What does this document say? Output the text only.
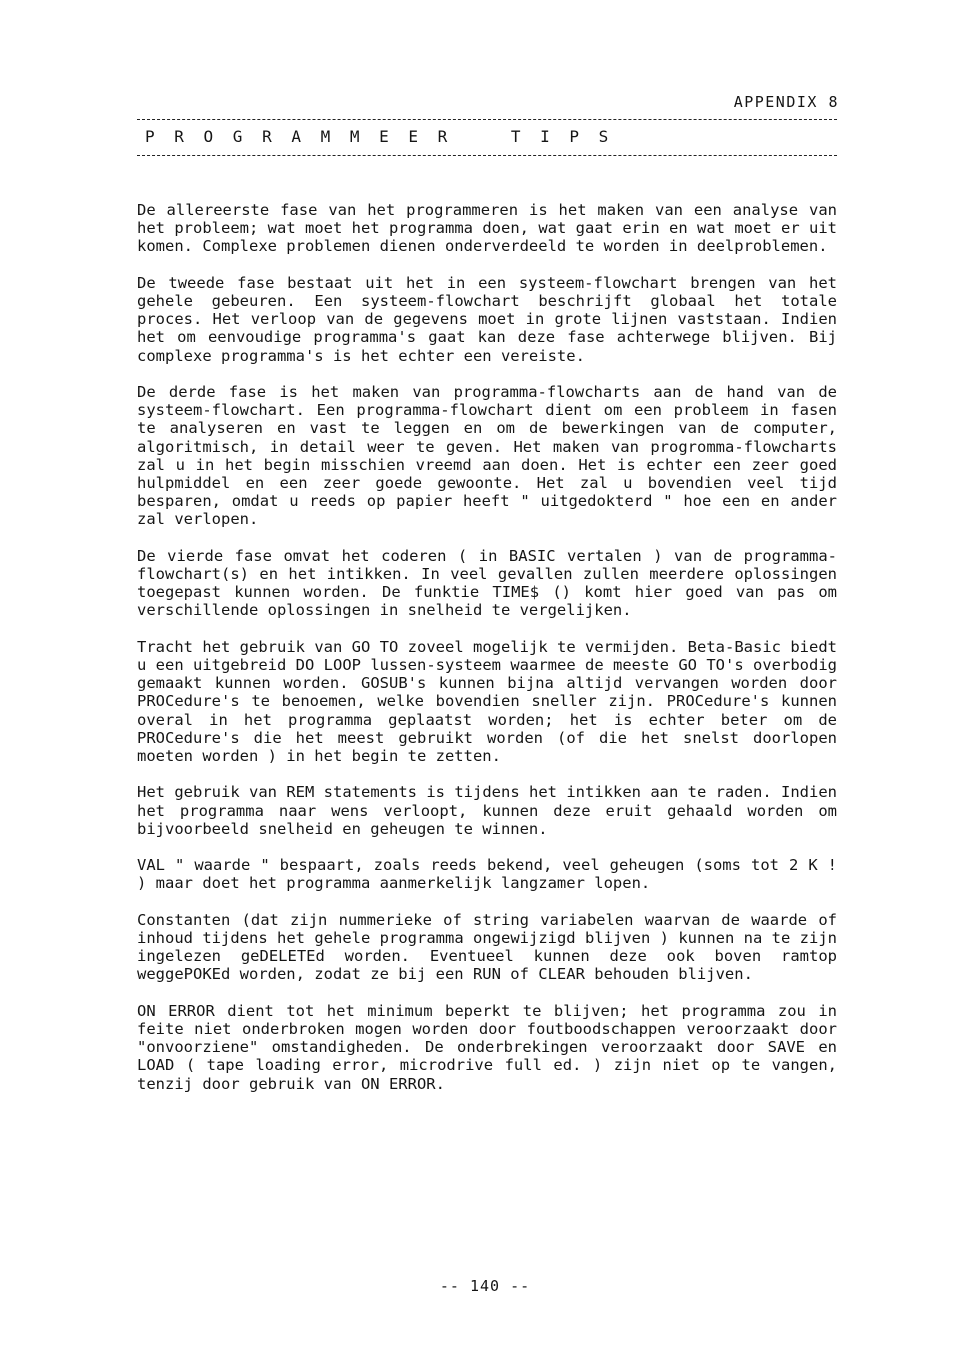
APPENDIX 8
P R O G R A M M E E R    T I P S

De allereerste fase van het programmeren is het maken van een analyse van het probleem; wat moet het programma doen, wat gaat erin en wat moet er uit komen. Complexe problemen dienen onderverdeeld te worden in deelproblemen.

De tweede fase bestaat uit het in een systeem-flowchart brengen van het gehele gebeuren. Een systeem-flowchart beschrijft globaal het totale proces. Het verloop van de gegevens moet in grote lijnen vaststaan. Indien het om eenvoudige programma's gaat kan deze fase achterwege blijven. Bij complexe programma's is het echter een vereiste.

De derde fase is het maken van programma-flowcharts aan de hand van de systeem-flowchart. Een programma-flowchart dient om een probleem in fasen te analyseren en vast te leggen en om de bewerkingen van de computer, algoritmisch, in detail weer te geven. Het maken van progromma-flowcharts zal u in het begin misschien vreemd aan doen. Het is echter een zeer goed hulpmiddel en een zeer goede gewoonte. Het zal u bovendien veel tijd besparen, omdat u reeds op papier heeft " uitgedokterd " hoe een en ander zal verlopen.

De vierde fase omvat het coderen ( in BASIC vertalen ) van de programma-flowchart(s) en het intikken. In veel gevallen zullen meerdere oplossingen toegepast kunnen worden. De funktie TIME$ () komt hier goed van pas om verschillende oplossingen in snelheid te vergelijken.

Tracht het gebruik van GO TO zoveel mogelijk te vermijden. Beta-Basic biedt u een uitgebreid DO LOOP lussen-systeem waarmee de meeste GO TO's overbodig gemaakt kunnen worden. GOSUB's kunnen bijna altijd vervangen worden door PROCedure's te benoemen, welke bovendien sneller zijn. PROCedure's kunnen overal in het programma geplaatst worden; het is echter beter om de PROCedure's die het meest gebruikt worden (of die het snelst doorlopen moeten worden ) in het begin te zetten.

Het gebruik van REM statements is tijdens het intikken aan te raden. Indien het programma naar wens verloopt, kunnen deze eruit gehaald worden om bijvoorbeeld snelheid en geheugen te winnen.

VAL " waarde " bespaart, zoals reeds bekend, veel geheugen (soms tot 2 K ! ) maar doet het programma aanmerkelijk langzamer lopen.

Constanten (dat zijn nummerieke of string variabelen waarvan de waarde of inhoud tijdens het gehele programma ongewijzigd blijven ) kunnen na te zijn ingelezen geDELETEd worden. Eventueel kunnen deze ook boven ramtop weggePOKEd worden, zodat ze bij een RUN of CLEAR behouden blijven.

ON ERROR dient tot het minimum beperkt te blijven; het programma zou in feite niet onderbroken mogen worden door foutboodschappen veroorzaakt door "onvoorziene" omstandigheden. De onderbrekingen veroorzaakt door SAVE en LOAD ( tape loading error, microdrive full ed. ) zijn niet op te vangen, tenzij door gebruik van ON ERROR.

-- 140 --
